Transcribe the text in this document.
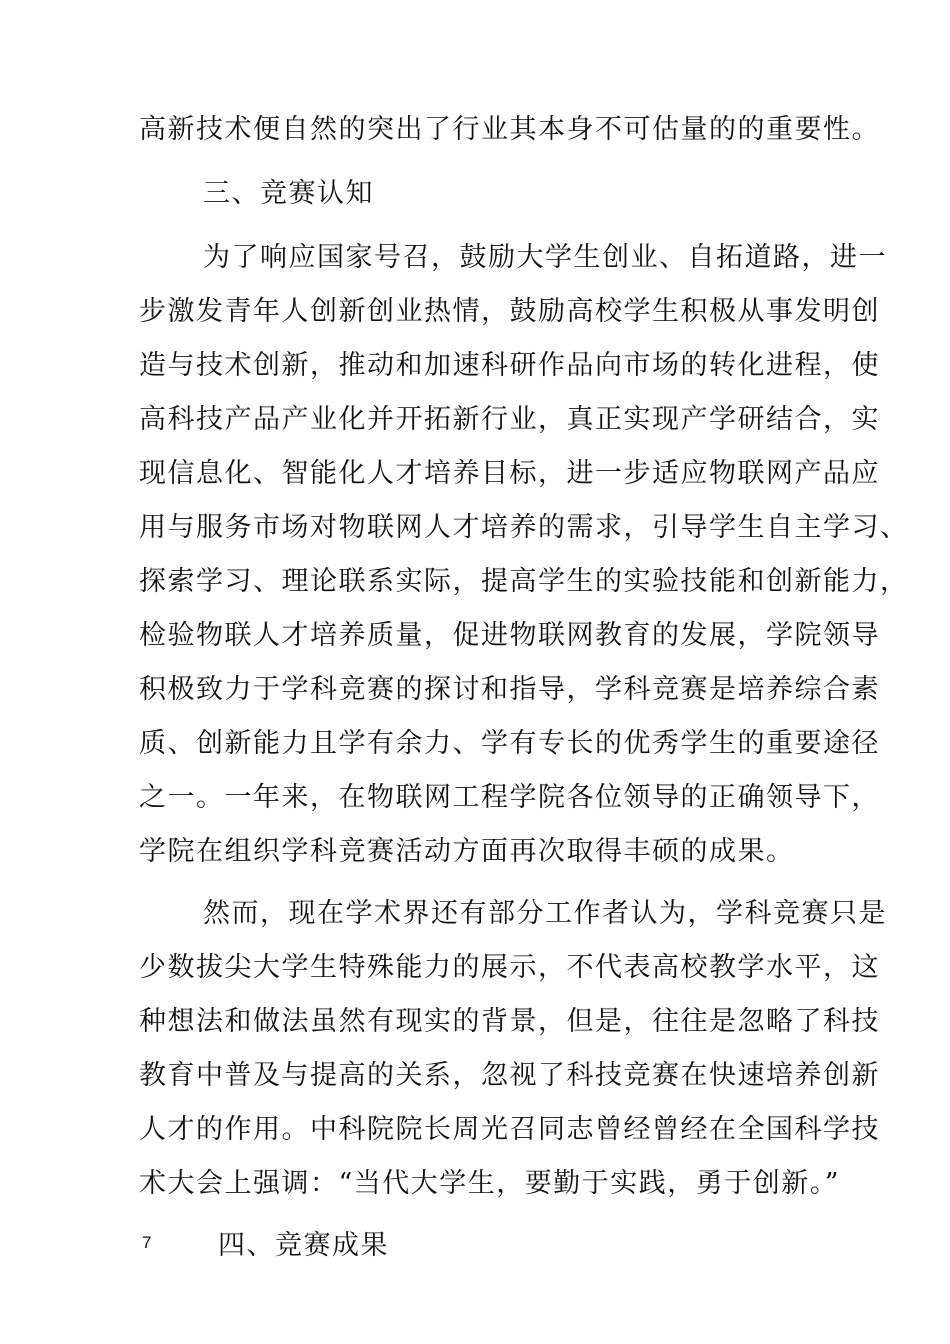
高新技术便自然的突出了行业其本身不可估量的的重要性。
三、竞赛认知
为了响应国家号召，鼓励大学生创业、自拓道路，进一
步激发青年人创新创业热情，鼓励高校学生积极从事发明创
造与技术创新，推动和加速科研作品向市场的转化进程，使
高科技产品产业化并开拓新行业，真正实现产学研结合，实
现信息化、智能化人才培养目标，进一步适应物联网产品应
用与服务市场对物联网人才培养的需求，引导学生自主学习、
探索学习、理论联系实际，提高学生的实验技能和创新能力，
检验物联人才培养质量，促进物联网教育的发展，学院领导
积极致力于学科竞赛的探讨和指导，学科竞赛是培养综合素
质、创新能力且学有余力、学有专长的优秀学生的重要途径
之一。一年来，在物联网工程学院各位领导的正确领导下，
学院在组织学科竞赛活动方面再次取得丰硕的成果。
然而，现在学术界还有部分工作者认为，学科竞赛只是
少数拔尖大学生特殊能力的展示，不代表高校教学水平，这
种想法和做法虽然有现实的背景，但是，往往是忽略了科技
教育中普及与提高的关系，忽视了科技竞赛在快速培养创新
人才的作用。中科院院长周光召同志曾经曾经在全国科学技
术大会上强调：“当代大学生，要勤于实践，勇于创新。”
四、竞赛成果
7
